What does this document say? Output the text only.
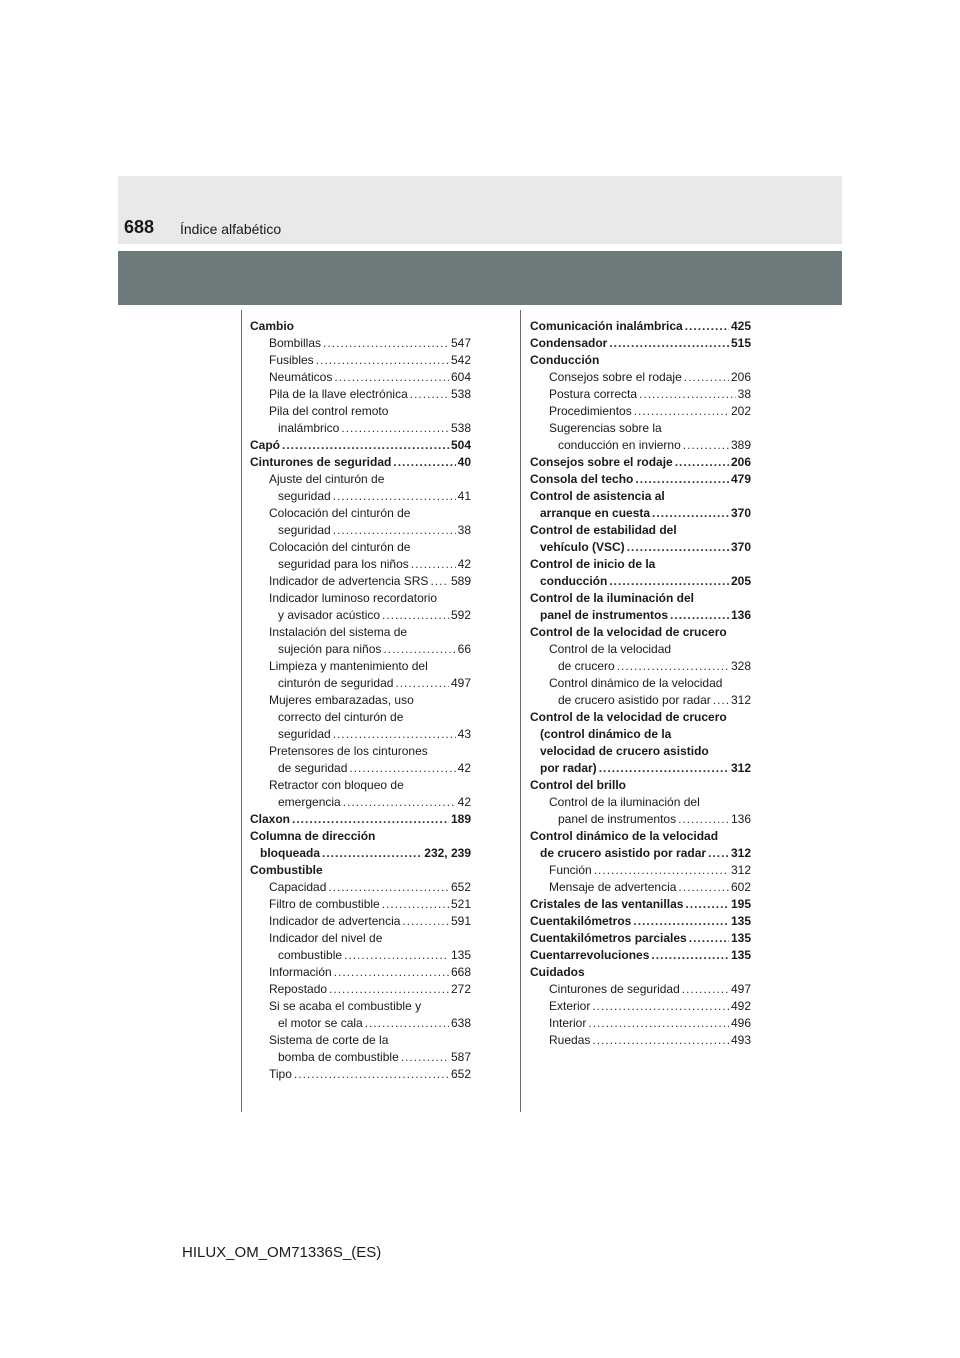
688 Índice alfabético
Cambio
Bombillas .....	547
Fusibles .....	542
Neumáticos .....	604
Pila de la llave electrónica .....	538
Pila del control remoto
inalámbrico .....	538
Capó .....	504
Cinturones de seguridad .....	40
Ajuste del cinturón de
seguridad .....	41
Colocación del cinturón de
seguridad .....	38
Colocación del cinturón de
seguridad para los niños .....	42
Indicador de advertencia SRS ..... 589
Indicador luminoso recordatorio
y avisador acústico .....	592
Instalación del sistema de
sujeción para niños .....	66
Limpieza y mantenimiento del
cinturón de seguridad .....	497
Mujeres embarazadas, uso
correcto del cinturón de
seguridad .....	43
Pretensores de los cinturones
de seguridad .....	42
Retractor con bloqueo de
emergencia .....	42
Claxon .....	189
Columna de dirección
bloqueada .....	232, 239
Combustible
Capacidad .....	652
Filtro de combustible .....	521
Indicador de advertencia .....	591
Indicador del nivel de
combustible .....	135
Información .....	668
Repostado .....	272
Si se acaba el combustible y
el motor se cala .....	638
Sistema de corte de la
bomba de combustible .....	587
Tipo .....	652
Comunicación inalámbrica .....	425
Condensador .....	515
Conducción
Consejos sobre el rodaje .....	206
Postura correcta .....	38
Procedimientos .....	202
Sugerencias sobre la
conducción en invierno .....	389
Consejos sobre el rodaje .....	206
Consola del techo .....	479
Control de asistencia al
arranque en cuesta .....	370
Control de estabilidad del
vehículo (VSC) .....	370
Control de inicio de la
conducción .....	205
Control de la iluminación del
panel de instrumentos .....	136
Control de la velocidad de crucero
Control de la velocidad
de crucero .....	328
Control dinámico de la velocidad
de crucero asistido por radar ..... 312
Control de la velocidad de crucero
(control dinámico de la
velocidad de crucero asistido
por radar) .....	312
Control del brillo
Control de la iluminación del
panel de instrumentos .....	136
Control dinámico de la velocidad
de crucero asistido por radar ..... 312
Función .....	312
Mensaje de advertencia .....	602
Cristales de las ventanillas .....	195
Cuentakilómetros .....	135
Cuentakilómetros parciales .....	135
Cuentarrevoluciones .....	135
Cuidados
Cinturones de seguridad .....	497
Exterior .....	492
Interior .....	496
Ruedas .....	493
HILUX_OM_OM71336S_(ES)
